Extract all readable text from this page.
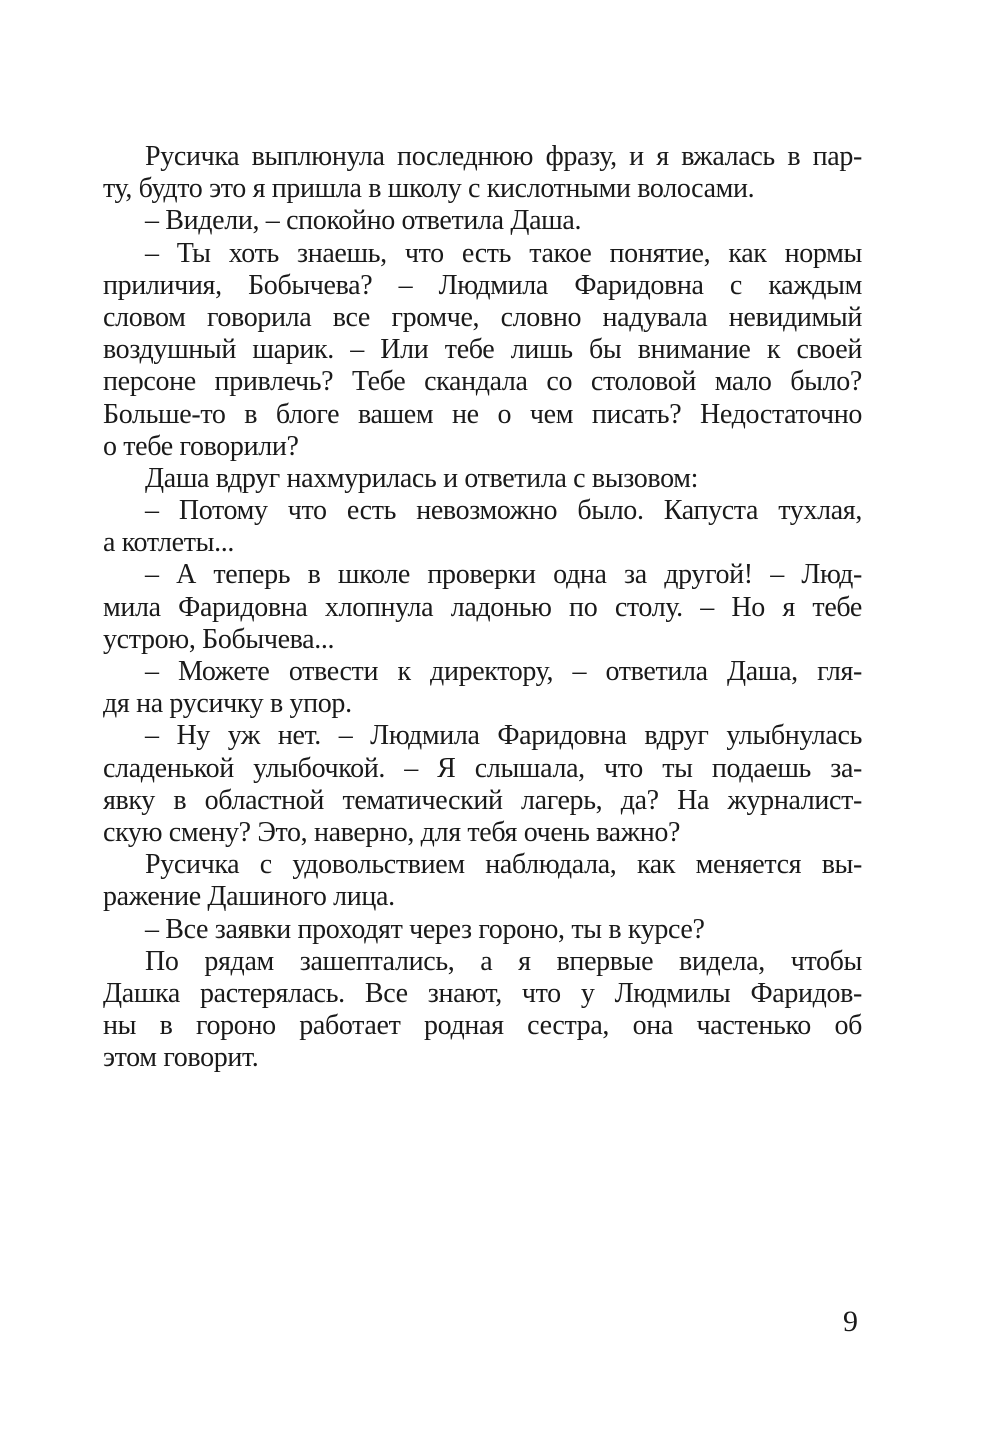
Русичка выплюнула последнюю фразу, и я вжалась в пар-
ту, будто это я пришла в школу с кислотными волосами.
– Видели, – спокойно ответила Даша.
– Ты хоть знаешь, что есть такое понятие, как нормы
приличия, Бобычева? – Людмила Фаридовна с каждым
словом говорила все громче, словно надувала невидимый
воздушный шарик. – Или тебе лишь бы внимание к своей
персоне привлечь? Тебе скандала со столовой мало было?
Больше-то в блоге вашем не о чем писать? Недостаточно
о тебе говорили?
Даша вдруг нахмурилась и ответила с вызовом:
– Потому что есть невозможно было. Капуста тухлая,
а котлеты...
– А теперь в школе проверки одна за другой! – Люд-
мила Фаридовна хлопнула ладонью по столу. – Но я тебе
устрою, Бобычева...
– Можете отвести к директору, – ответила Даша, гля-
дя на русичку в упор.
– Ну уж нет. – Людмила Фаридовна вдруг улыбнулась
сладенькой улыбочкой. – Я слышала, что ты подаешь за-
явку в областной тематический лагерь, да? На журналист-
скую смену? Это, наверно, для тебя очень важно?
Русичка с удовольствием наблюдала, как меняется вы-
ражение Дашиного лица.
– Все заявки проходят через гороно, ты в курсе?
По рядам зашептались, а я впервые видела, чтобы
Дашка растерялась. Все знают, что у Людмилы Фаридов-
ны в гороно работает родная сестра, она частенько об
этом говорит.
9
